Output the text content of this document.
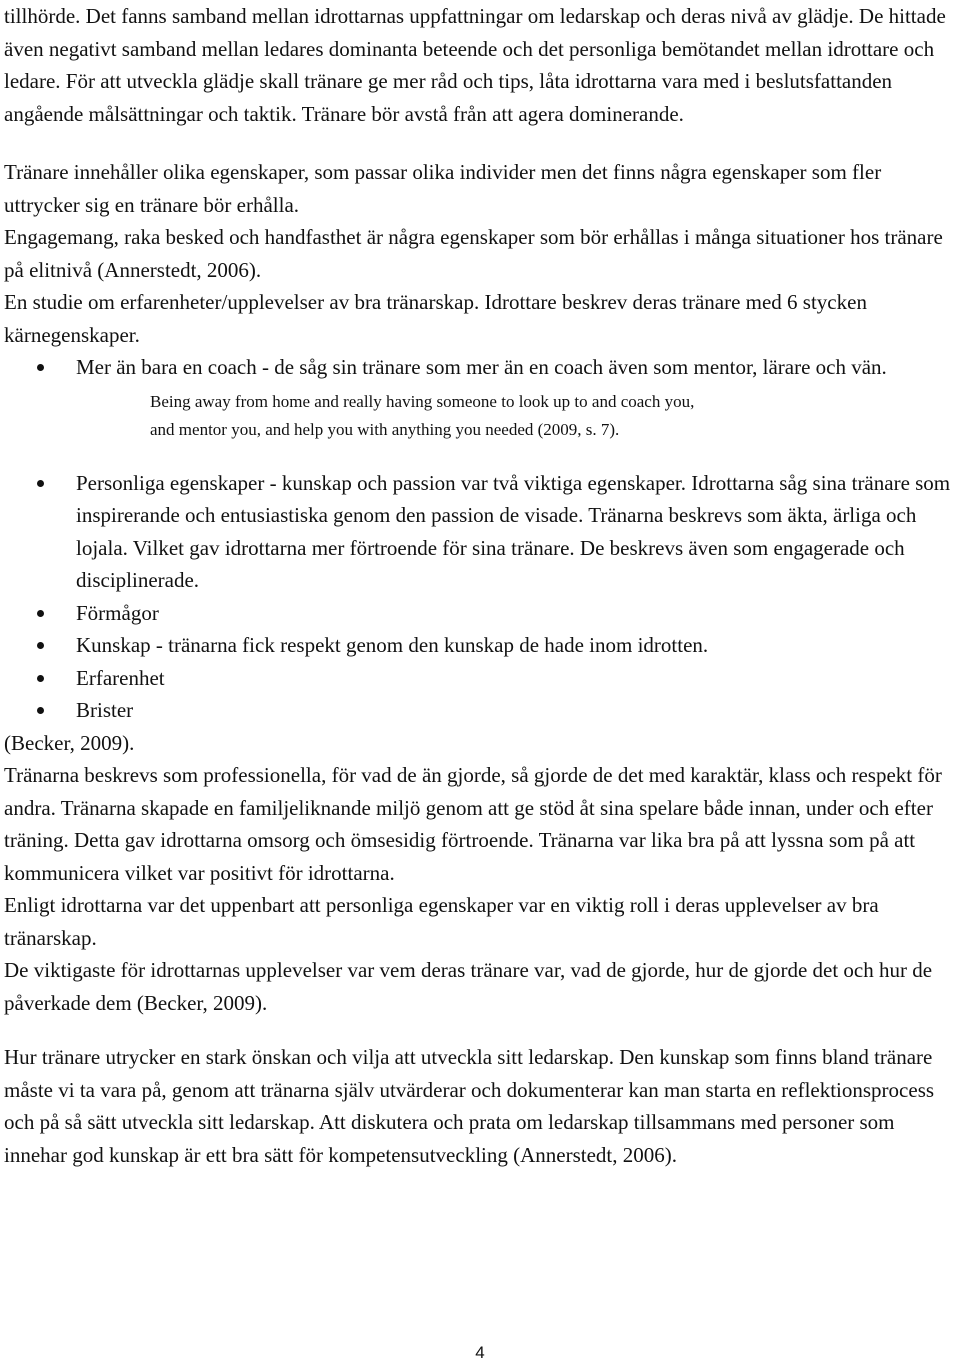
tillhörde. Det fanns samband mellan idrottarnas uppfattningar om ledarskap och deras nivå av glädje. De hittade även negativt samband mellan ledares dominanta beteende och det personliga bemötandet mellan idrottare och ledare. För att utveckla glädje skall tränare ge mer råd och tips, låta idrottarna vara med i beslutsfattanden angående målsättningar och taktik. Tränare bör avstå från att agera dominerande.

Tränare innehåller olika egenskaper, som passar olika individer men det finns några egenskaper som fler uttrycker sig en tränare bör erhålla.

Engagemang, raka besked och handfasthet är några egenskaper som bör erhållas i många situationer hos tränare på elitnivå (Annerstedt, 2006).

En studie om erfarenheter/upplevelser av bra tränarskap. Idrottare beskrev deras tränare med 6 stycken kärnegenskaper.

Mer än bara en coach - de såg sin tränare som mer än en coach även som mentor, lärare och vän.
Being away from home and really having someone to look up to and coach you,
and mentor you, and help you with anything you needed (2009, s. 7).
Personliga egenskaper - kunskap och passion var två viktiga egenskaper. Idrottarna såg sina tränare som inspirerande och entusiastiska genom den passion de visade. Tränarna beskrevs som äkta, ärliga och lojala. Vilket gav idrottarna mer förtroende för sina tränare. De beskrevs även som engagerade och disciplinerade.
Förmågor
Kunskap - tränarna fick respekt genom den kunskap de hade inom idrotten.
Erfarenhet
Brister

(Becker, 2009).

Tränarna beskrevs som professionella, för vad de än gjorde, så gjorde de det med karaktär, klass och respekt för andra. Tränarna skapade en familjeliknande miljö genom att ge stöd åt sina spelare både innan, under och efter träning. Detta gav idrottarna omsorg och ömsesidig förtroende. Tränarna var lika bra på att lyssna som på att kommunicera vilket var positivt för idrottarna.

Enligt idrottarna var det uppenbart att personliga egenskaper var en viktig roll i deras upplevelser av bra tränarskap.

De viktigaste för idrottarnas upplevelser var vem deras tränare var, vad de gjorde, hur de gjorde det och hur de påverkade dem (Becker, 2009).

Hur tränare utrycker en stark önskan och vilja att utveckla sitt ledarskap. Den kunskap som finns bland tränare måste vi ta vara på, genom att tränarna själv utvärderar och dokumenterar kan man starta en reflektionsprocess och på så sätt utveckla sitt ledarskap. Att diskutera och prata om ledarskap tillsammans med personer som innehar god kunskap är ett bra sätt för kompetensutveckling (Annerstedt, 2006).

4
